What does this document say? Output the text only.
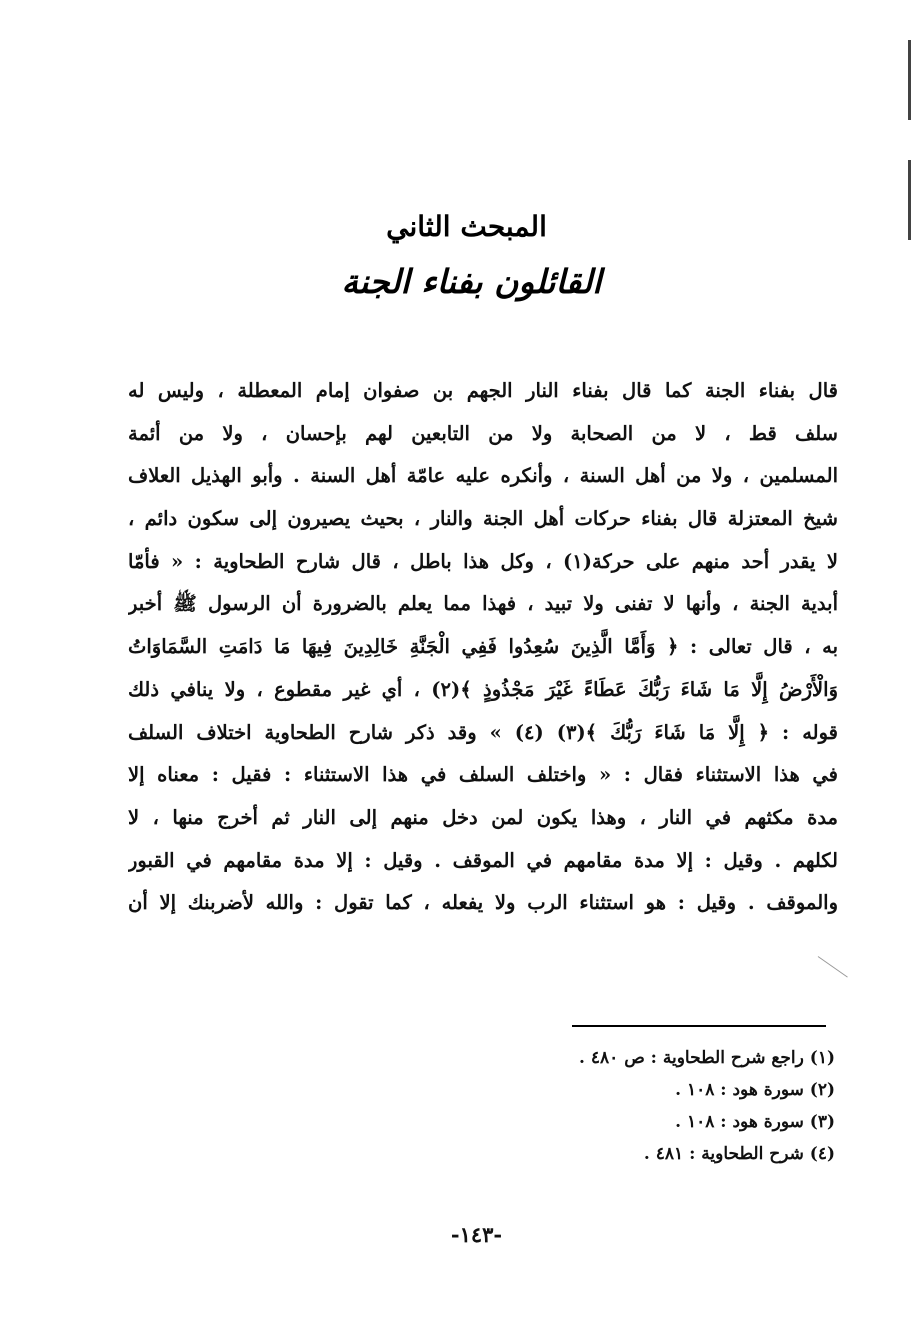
المبحث الثاني
القائلون بفناء الجنة
قال بفناء الجنة كما قال بفناء النار الجهم بن صفوان إمام المعطلة ، وليس له
سلف قط ، لا من الصحابة ولا من التابعين لهم بإحسان ، ولا من أئمة
المسلمين ، ولا من أهل السنة ، وأنكره عليه عامّة أهل السنة . وأبو الهذيل العلاف
شيخ المعتزلة قال بفناء حركات أهل الجنة والنار ، بحيث يصيرون إلى سكون دائم ،
لا يقدر أحد منهم على حركة(١) ، وكل هذا باطل ، قال شارح الطحاوية : « فأمّا
أبدية الجنة ، وأنها لا تفنى ولا تبيد ، فهذا مما يعلم بالضرورة أن الرسول ﷺ أخبر
به ، قال تعالى : ﴿ وَأَمَّا الَّذِينَ سُعِدُوا فَفِي الْجَنَّةِ خَالِدِينَ فِيهَا مَا دَامَتِ السَّمَاوَاتُ
وَالْأَرْضُ إِلَّا مَا شَاءَ رَبُّكَ عَطَاءً غَيْرَ مَجْذُوذٍ ﴾(٢) ، أي غير مقطوع ، ولا ينافي ذلك
قوله : ﴿ إِلَّا مَا شَاءَ رَبُّكَ ﴾(٣) (٤) » وقد ذكر شارح الطحاوية اختلاف السلف
في هذا الاستثناء فقال : « واختلف السلف في هذا الاستثناء : فقيل : معناه إلا
مدة مكثهم في النار ، وهذا يكون لمن دخل منهم إلى النار ثم أخرج منها ، لا
لكلهم . وقيل : إلا مدة مقامهم في الموقف . وقيل : إلا مدة مقامهم في القبور
والموقف . وقيل : هو استثناء الرب ولا يفعله ، كما تقول : والله لأضربنك إلا أن
(١) راجع شرح الطحاوية : ص ٤٨٠ .
(٢) سورة هود : ١٠٨ .
(٣) سورة هود : ١٠٨ .
(٤) شرح الطحاوية : ٤٨١ .
-١٤٣-
